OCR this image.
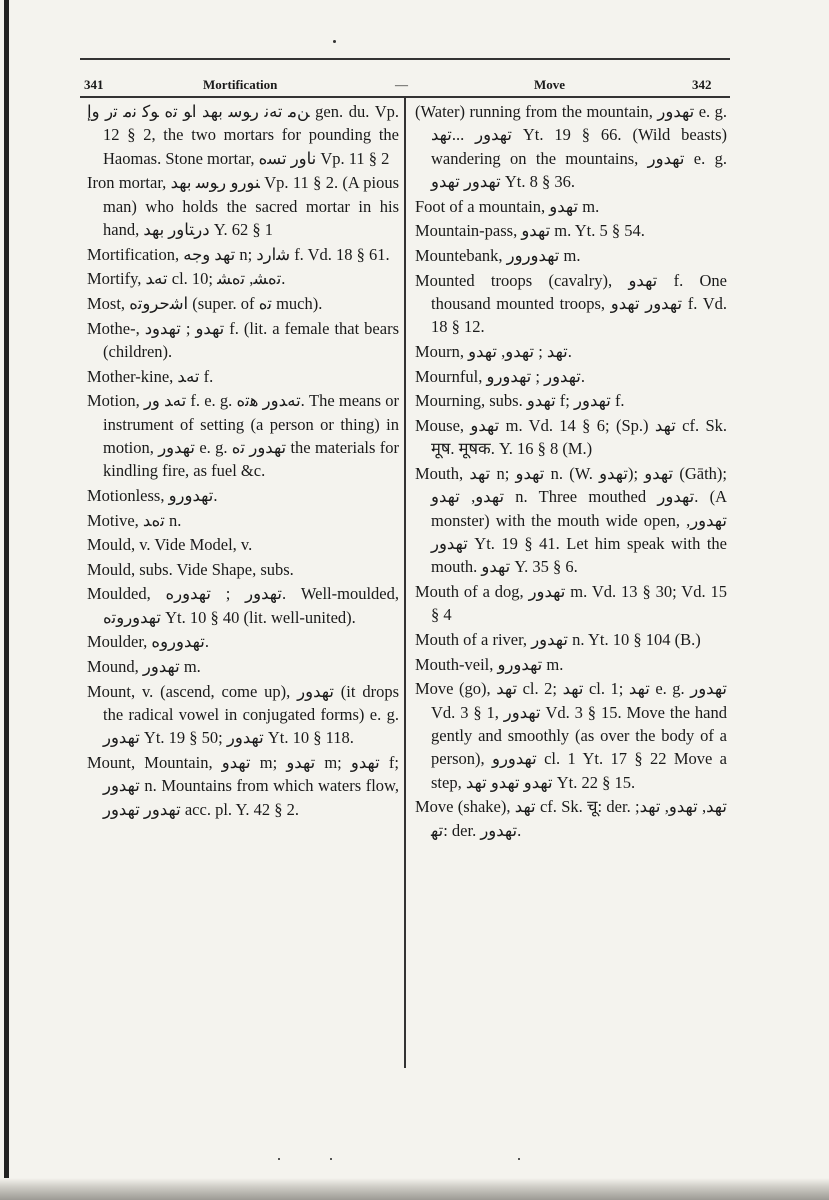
341	Mortification	—	Move	342

ﻦﻣ ﺗﻪﻧ ﺭﻮﺳ ﺑﻬﺪ ﺍﻮ ﺗﻩ ﻮﻛ ﻧﻣ ﺗﺭ ﻭﺇ gen. du. Vp. 12 § 2, the two mortars for pounding the Haomas. Stone mortar, ﻧﺎﻭﺭ ﺗﺴﻩ Vp. 11 § 2

Iron mortar, ﻨﻮﺭﻭ ﺭﻮﺳ ﺑﻬﺪ Vp. 11 § 2. (A pious man) who holds the sacred mortar in his hand, ﺩﺭﺘﺎﻭﺭ ﺑﻬﺪ Y. 62 § 1

Mortification, ﺗﻬﺪ ﻭﺟﻪ n; ﺷﺍﺭﺩ f. Vd. 18 § 61.

Mortify, ﺗﻪﺪ cl. 10; ﺗﻩﺸ, ﺗﻩﺸ.

Most, ﺍﺷﺣﺮﻭﺗﻩ (super. of ﺗﻩ much).

Mothe-, ﺗﻬﺪﻭ ; ﺗﻬﺪﻭﺩ f. (lit. a female that bears (children).

Mother-kine, ﺗﻪﺪ f.

Motion, ﺗﻪﺪ ﻭﺭ f. e. g. ﺗﻪﺪﻭﺭ ﻫﺗﻩ. The means or instrument of setting (a person or thing) in motion, ﺗﻬﺪﻭﺭ e. g. ﺗﻬﺪﻭﺭ ﺗﻩ the materials for kindling fire, as fuel &c.

Motionless, ﺗﻬﺪﻭﺭﻭ.

Motive, ﺗﻩﺪ n.

Mould, v. Vide Model, v.

Mould, subs. Vide Shape, subs.

Moulded, ﺗﻬﺪﻭﺭ ; ﺗﻬﺪﻭﺭﻩ. Well-moulded, ﺗﻬﺪﻭﺭﻭﺗﻩ Yt. 10 § 40 (lit. well-united).

Moulder, ﺗﻬﺪﻭﺭﻭﻩ.

Mound, ﺗﻬﺪﻭﺭ m.

Mount, v. (ascend, come up), ﺗﻬﺪﻭﺭ (it drops the radical vowel in conjugated forms) e. g. ﺗﻬﺪﻭﺭ Yt. 19 § 50; ﺗﻬﺪﻭﺭ Yt. 10 § 118.

Mount, Mountain, ﺗﻬﺪﻭ m; ﺗﻬﺪﻭ m; ﺗﻬﺪﻭ f; ﺗﻬﺪﻭﺭ n. Mountains from which waters flow, ﺗﻬﺪﻭﺭ ﺗﻬﺪﻭﺭ acc. pl. Y. 42 § 2.

(Water) running from the mountain, ﺗﻬﺪﻭﺭ e. g. ﺗﻬﺪﻭﺭ ...ﺗﻬﺪ Yt. 19 § 66. (Wild beasts) wandering on the mountains, ﺗﻬﺪﻭﺭ e. g. ﺗﻬﺪﻭﺭ ﺗﻬﺪﻭ Yt. 8 § 36.

Foot of a mountain, ﺗﻬﺪﻭ m.

Mountain-pass, ﺗﻬﺪﻭ m. Yt. 5 § 54.

Mountebank, ﺗﻬﺪﻭﺭﻭﺭ m.

Mounted troops (cavalry), ﺗﻬﺪﻭ f. One thousand mounted troops, ﺗﻬﺪﻭﺭ ﺗﻬﺪﻭ f. Vd. 18 § 12.

Mourn, ﺗﻬﺪ ; ﺗﻬﺪﻭ, ﺗﻬﺪﻭ.

Mournful, ﺗﻬﺪﻭﺭ ; ﺗﻬﺪﻭﺭﻭ.

Mourning, subs. ﺗﻬﺪﻭ f; ﺗﻬﺪﻭﺭ f.

Mouse, ﺗﻬﺪﻭ m. Vd. 14 § 6; (Sp.) ﺗﻬﺪ cf. Sk. मूष. मूषक. Y. 16 § 8 (M.)

Mouth, ﺗﻬﺪ n; ﺗﻬﺪﻭ n. (W. ﺗﻬﺪﻭ); ﺗﻬﺪﻭ (Gāth); ﺗﻬﺪﻭ, ﺗﻬﺪﻭ n. Three mouthed ﺗﻬﺪﻭﺭ. (A monster) with the mouth wide open, ﺗﻬﺪﻭﺭ, ﺗﻬﺪﻭﺭ Yt. 19 § 41. Let him speak with the mouth. ﺗﻬﺪﻭ Y. 35 § 6.

Mouth of a dog, ﺗﻬﺪﻭﺭ m. Vd. 13 § 30; Vd. 15 § 4

Mouth of a river, ﺗﻬﺪﻭﺭ n. Yt. 10 § 104 (B.)

Mouth-veil, ﺗﻬﺪﻭﺭﻭ m.

Move (go), ﺗﻬﺪ cl. 2; ﺗﻬﺪ cl. 1; ﺗﻬﺪ e. g. ﺗﻬﺪﻭﺭ Vd. 3 § 1, ﺗﻬﺪﻭﺭ Vd. 3 § 15. Move the hand gently and smoothly (as over the body of a person), ﺗﻬﺪﻭﺭﻭ cl. 1 Yt. 17 § 22 Move a step, ﺗﻬﺪﻭ ﺗﻬﺪﻭ ﺗﻬﺪ Yt. 22 § 15.

Move (shake), ﺗﻬﺪ cf. Sk. चू: der. ﺗﻬﺪ, ﺗﻬﺪﻭ, ﺗﻬﺪ; ﺗﻬ: der. ﺗﻬﺪﻭﺭ.
